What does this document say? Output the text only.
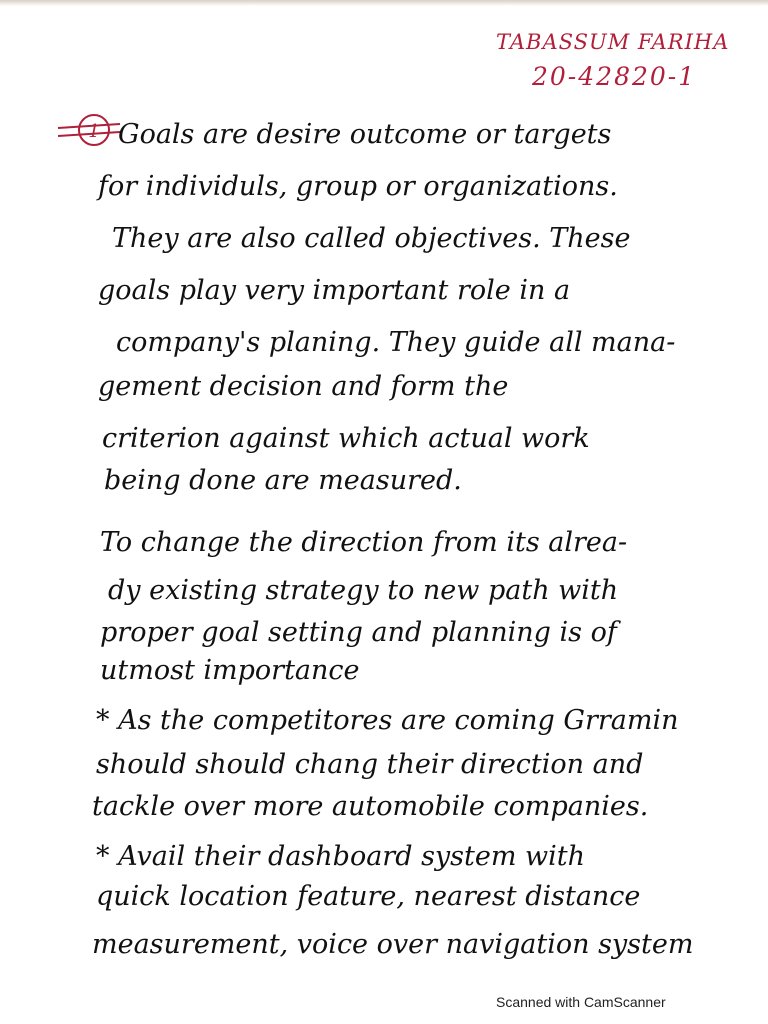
TABASSUM FARIHA
20-42820-1
1 Goals are desire outcome or targets
for individuls, group or organizations.
They are also called objectives. These
goals play very important role in a
company's planing. They guide all mana-
gement decision and form the
criterion against which actual work
being done are measured.
To change the direction from its alrea-
dy existing strategy to new path with
proper goal setting and planning is of
utmost importance
* As the competitores are coming Grramin
should should chang their direction and
tackle over more automobile companies.
* Avail their dashboard system with
quick location feature, nearest distance
measurement, voice over navigation system
Scanned with CamScanner
